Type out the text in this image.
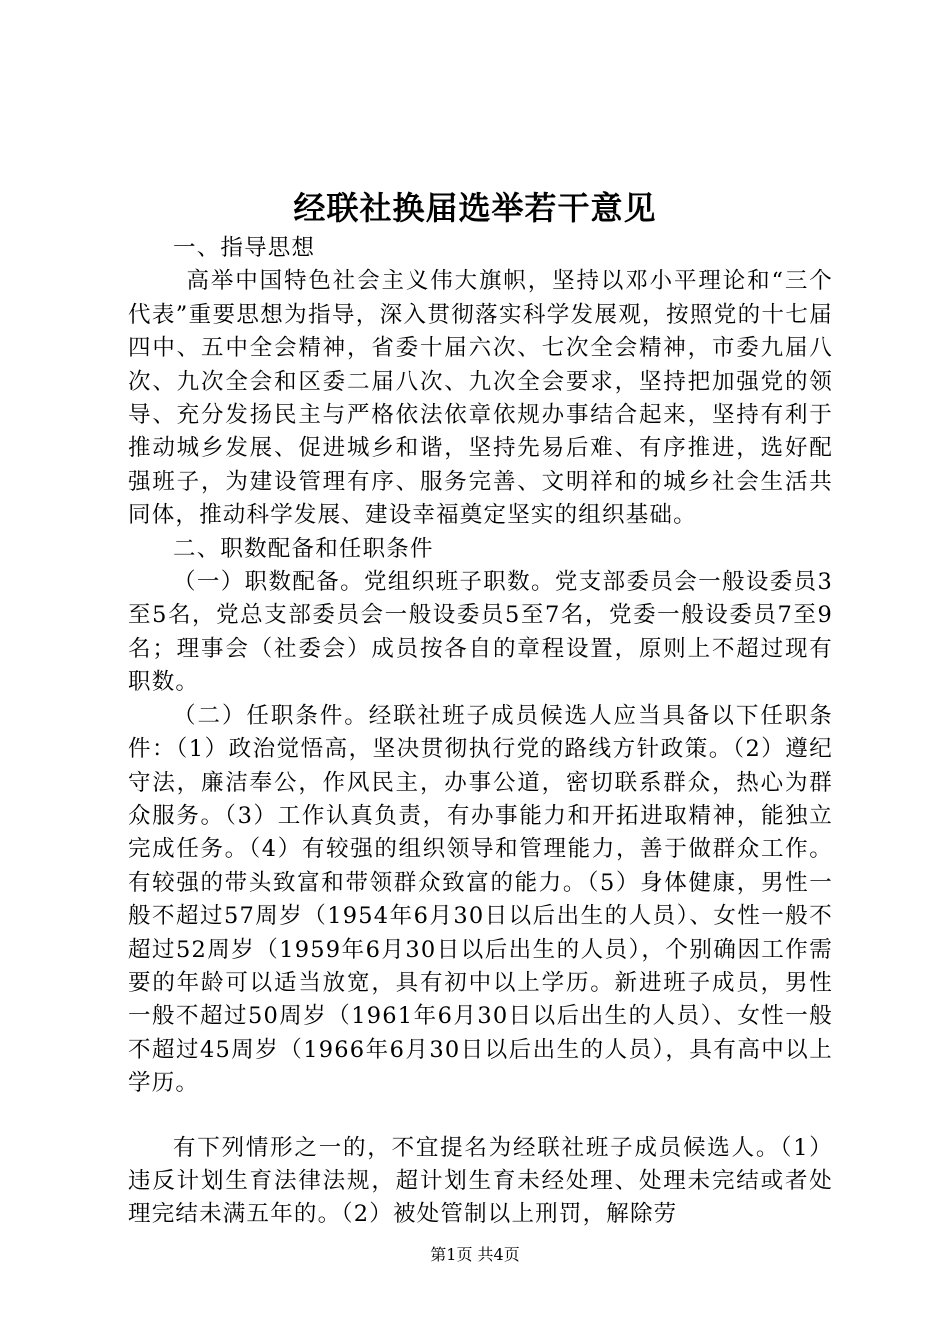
经联社换届选举若干意见

一、指导思想

高举中国特色社会主义伟大旗帜，坚持以邓小平理论和“三个代表”重要思想为指导，深入贯彻落实科学发展观，按照党的十七届四中、五中全会精神，省委十届六次、七次全会精神，市委九届八次、九次全会和区委二届八次、九次全会要求，坚持把加强党的领导、充分发扬民主与严格依法依章依规办事结合起来，坚持有利于推动城乡发展、促进城乡和谐，坚持先易后难、有序推进，选好配强班子，为建设管理有序、服务完善、文明祥和的城乡社会生活共同体，推动科学发展、建设幸福奠定坚实的组织基础。

二、职数配备和任职条件

（一）职数配备。党组织班子职数。党支部委员会一般设委员3至5名，党总支部委员会一般设委员5至7名，党委一般设委员7至9名；理事会（社委会）成员按各自的章程设置，原则上不超过现有职数。

（二）任职条件。经联社班子成员候选人应当具备以下任职条件：（1）政治觉悟高，坚决贯彻执行党的路线方针政策。（2）遵纪守法，廉洁奉公，作风民主，办事公道，密切联系群众，热心为群众服务。（3）工作认真负责，有办事能力和开拓进取精神，能独立完成任务。（4）有较强的组织领导和管理能力，善于做群众工作。有较强的带头致富和带领群众致富的能力。（5）身体健康，男性一般不超过57周岁（1954年6月30日以后出生的人员）、女性一般不超过52周岁（1959年6月30日以后出生的人员），个别确因工作需要的年龄可以适当放宽，具有初中以上学历。新进班子成员，男性一般不超过50周岁（1961年6月30日以后出生的人员）、女性一般不超过45周岁（1966年6月30日以后出生的人员），具有高中以上学历。

有下列情形之一的，不宜提名为经联社班子成员候选人。（1）违反计划生育法律法规，超计划生育未经处理、处理未完结或者处理完结未满五年的。（2）被处管制以上刑罚，解除劳

第1页 共4页
